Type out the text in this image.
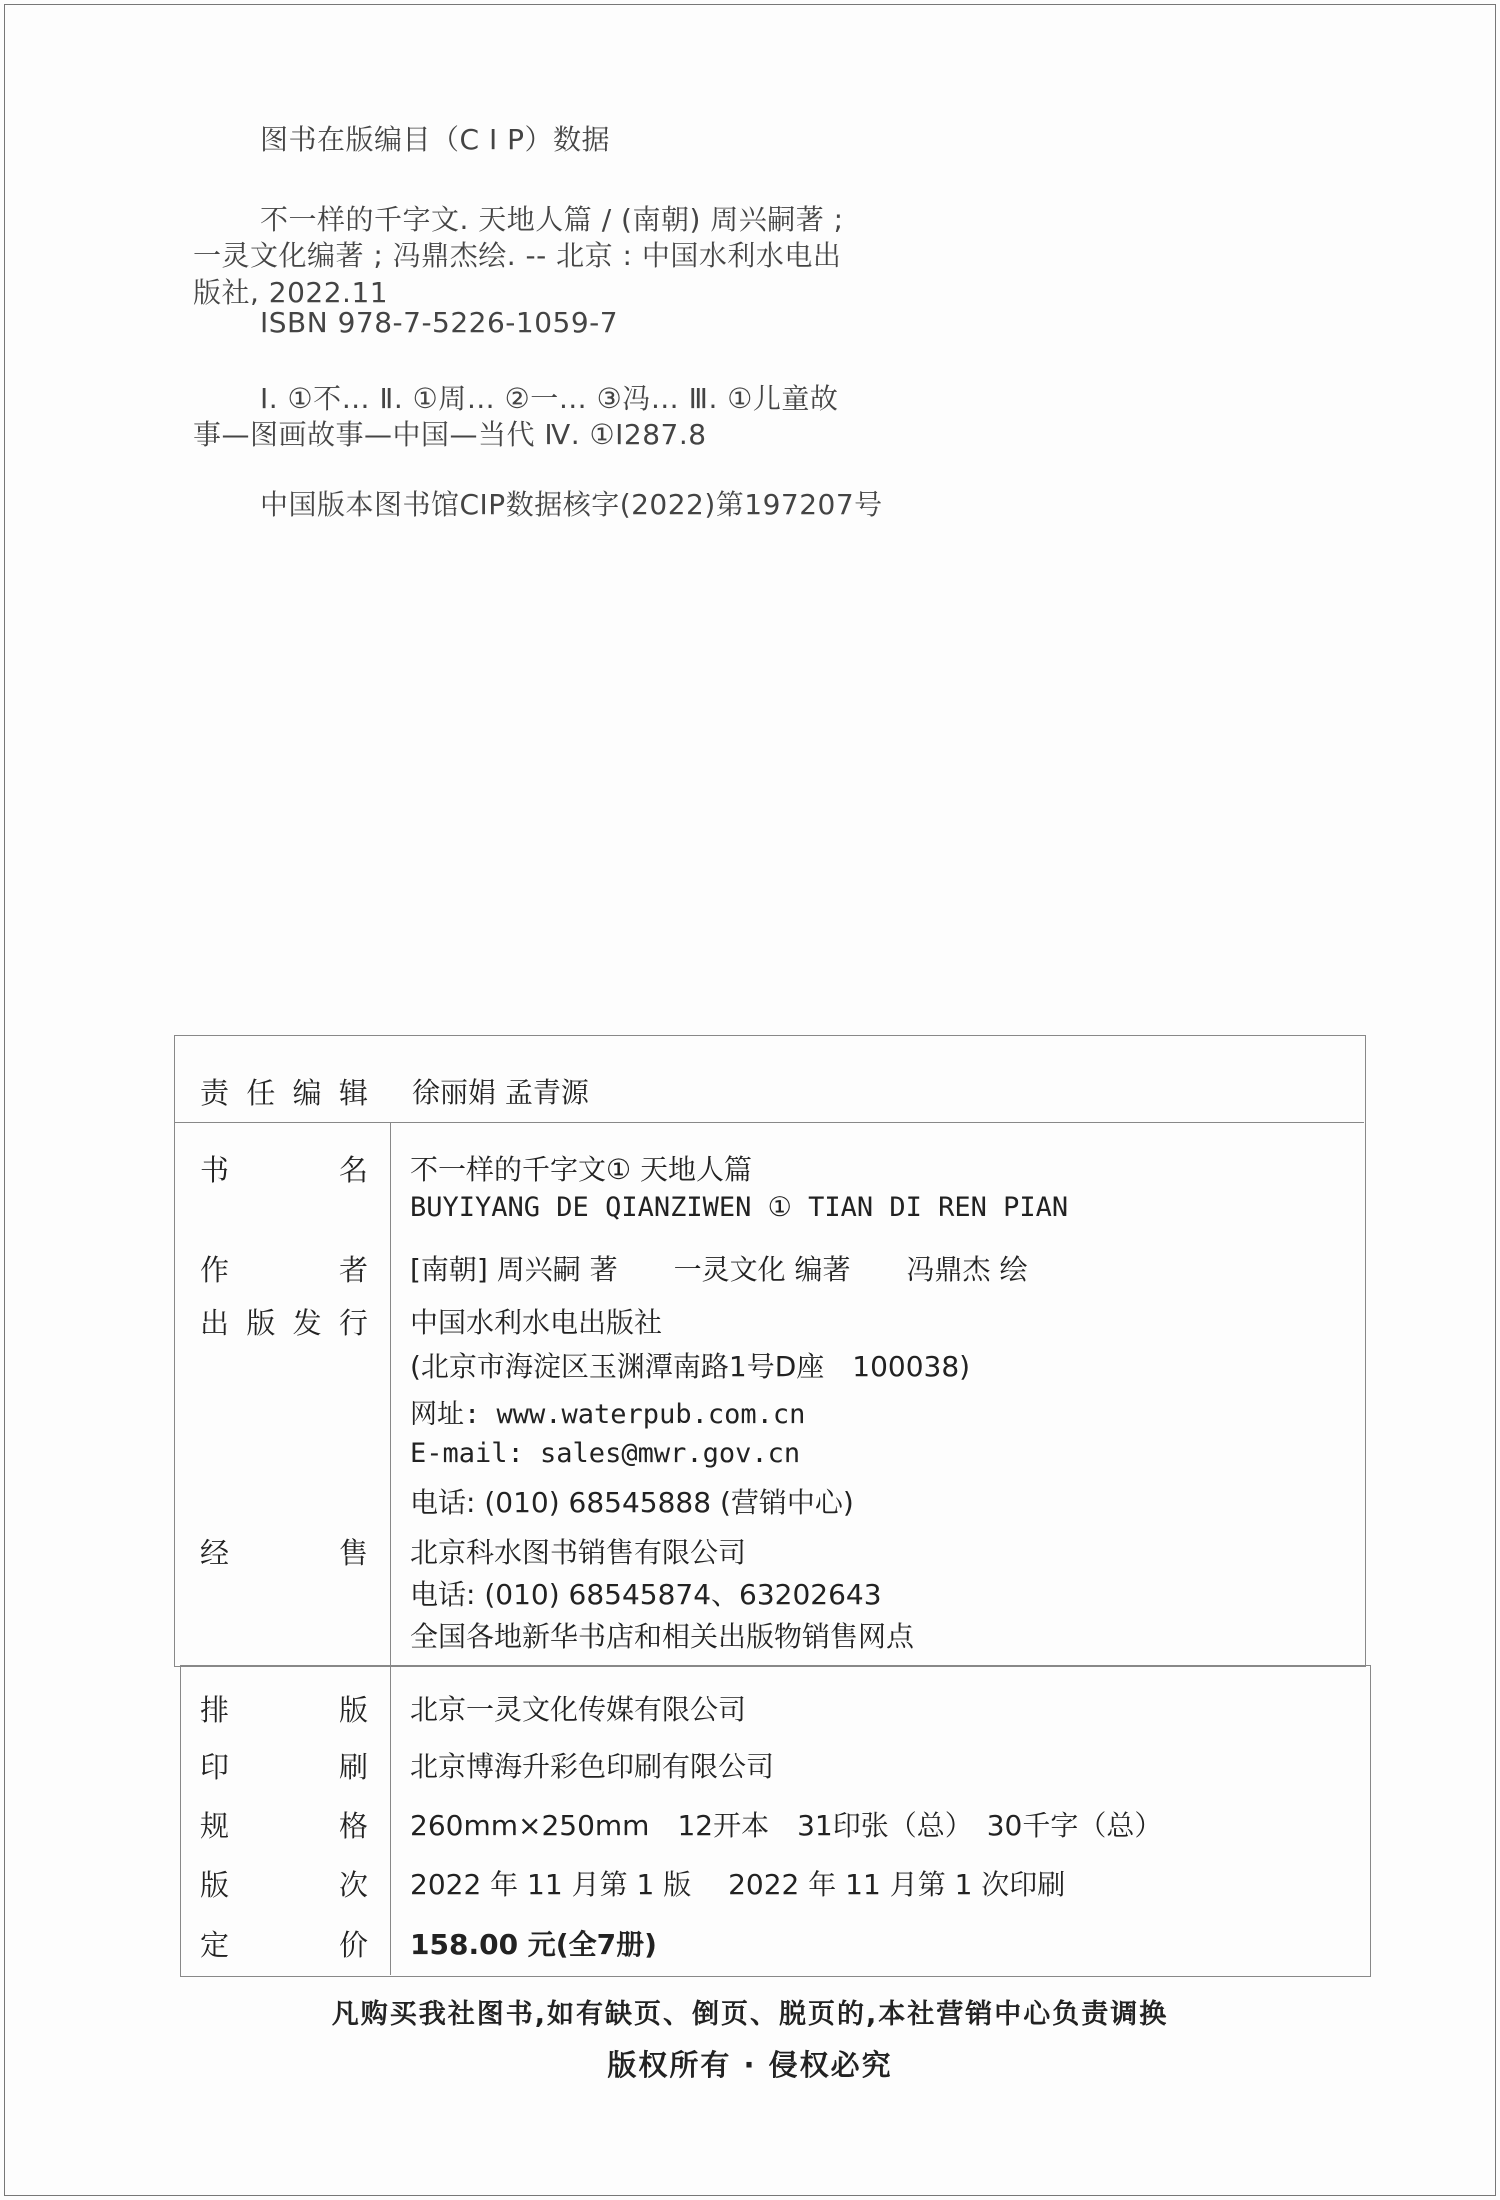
图书在版编目（C I P）数据
不一样的千字文. 天地人篇 / (南朝) 周兴嗣著 ;
一灵文化编著 ; 冯鼎杰绘. -- 北京 : 中国水利水电出
版社, 2022.11
ISBN 978-7-5226-1059-7
Ⅰ. ①不… Ⅱ. ①周… ②一… ③冯… Ⅲ. ①儿童故
事—图画故事—中国—当代 Ⅳ. ①I287.8
中国版本图书馆CIP数据核字(2022)第197207号
责 任 编 辑 徐丽娟 孟青源
书	名 不一样的千字文① 天地人篇
BUYIYANG DE QIANZIWEN ① TIAN DI REN PIAN
作	者 [南朝] 周兴嗣 著　　一灵文化 编著　　冯鼎杰 绘
出 版 发 行 中国水利水电出版社
(北京市海淀区玉渊潭南路1号D座　100038)
网址: www.waterpub.com.cn
E-mail: sales@mwr.gov.cn
电话: (010) 68545888 (营销中心)
经	售 北京科水图书销售有限公司
电话: (010) 68545874、63202643
全国各地新华书店和相关出版物销售网点
排	版 北京一灵文化传媒有限公司
印	刷 北京博海升彩色印刷有限公司
规	格 260mm×250mm　12开本　31印张（总）　30千字（总）
版	次 2022 年 11 月第 1 版　 2022 年 11 月第 1 次印刷
定	价 158.00 元(全7册)
凡购买我社图书,如有缺页、倒页、脱页的,本社营销中心负责调换
版权所有 · 侵权必究
